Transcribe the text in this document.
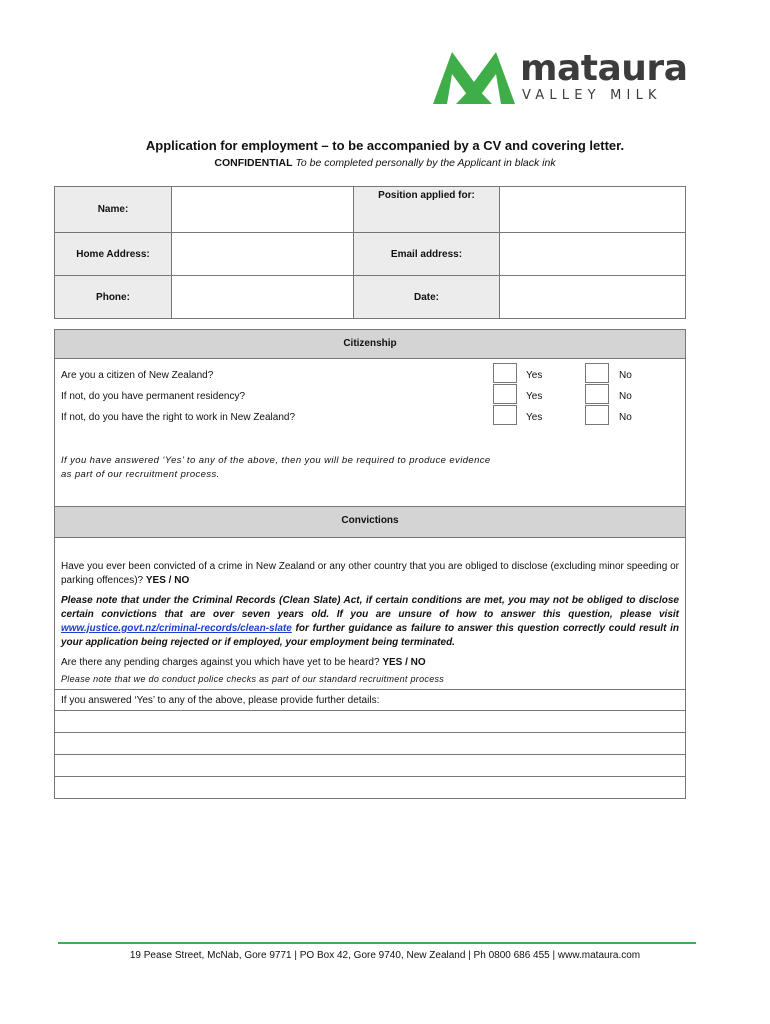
mataura
VALLEY MILK
Application for employment – to be accompanied by a CV and covering letter.
CONFIDENTIAL To be completed personally by the Applicant in black ink
Name:		Position applied for:	
Home Address:		Email address:	
Phone:		Date:	
Citizenship
Are you a citizen of New Zealand?	Yes	No
If not, do you have permanent residency?	Yes	No
If not, do you have the right to work in New Zealand?	Yes	No
If you have answered ‘Yes’ to any of the above, then you will be required to produce evidence as part of our recruitment process.
Convictions
Have you ever been convicted of a crime in New Zealand or any other country that you are obliged to disclose (excluding minor speeding or parking offences)? YES / NO
Please note that under the Criminal Records (Clean Slate) Act, if certain conditions are met, you may not be obliged to disclose certain convictions that are over seven years old. If you are unsure of how to answer this question, please visit www.justice.govt.nz/criminal-records/clean-slate for further guidance as failure to answer this question correctly could result in your application being rejected or if employed, your employment being terminated.
Are there any pending charges against you which have yet to be heard? YES / NO
Please note that we do conduct police checks as part of our standard recruitment process
If you answered ‘Yes’ to any of the above, please provide further details:
19 Pease Street, McNab, Gore 9771 | PO Box 42, Gore 9740, New Zealand | Ph 0800 686 455 | www.mataura.com
